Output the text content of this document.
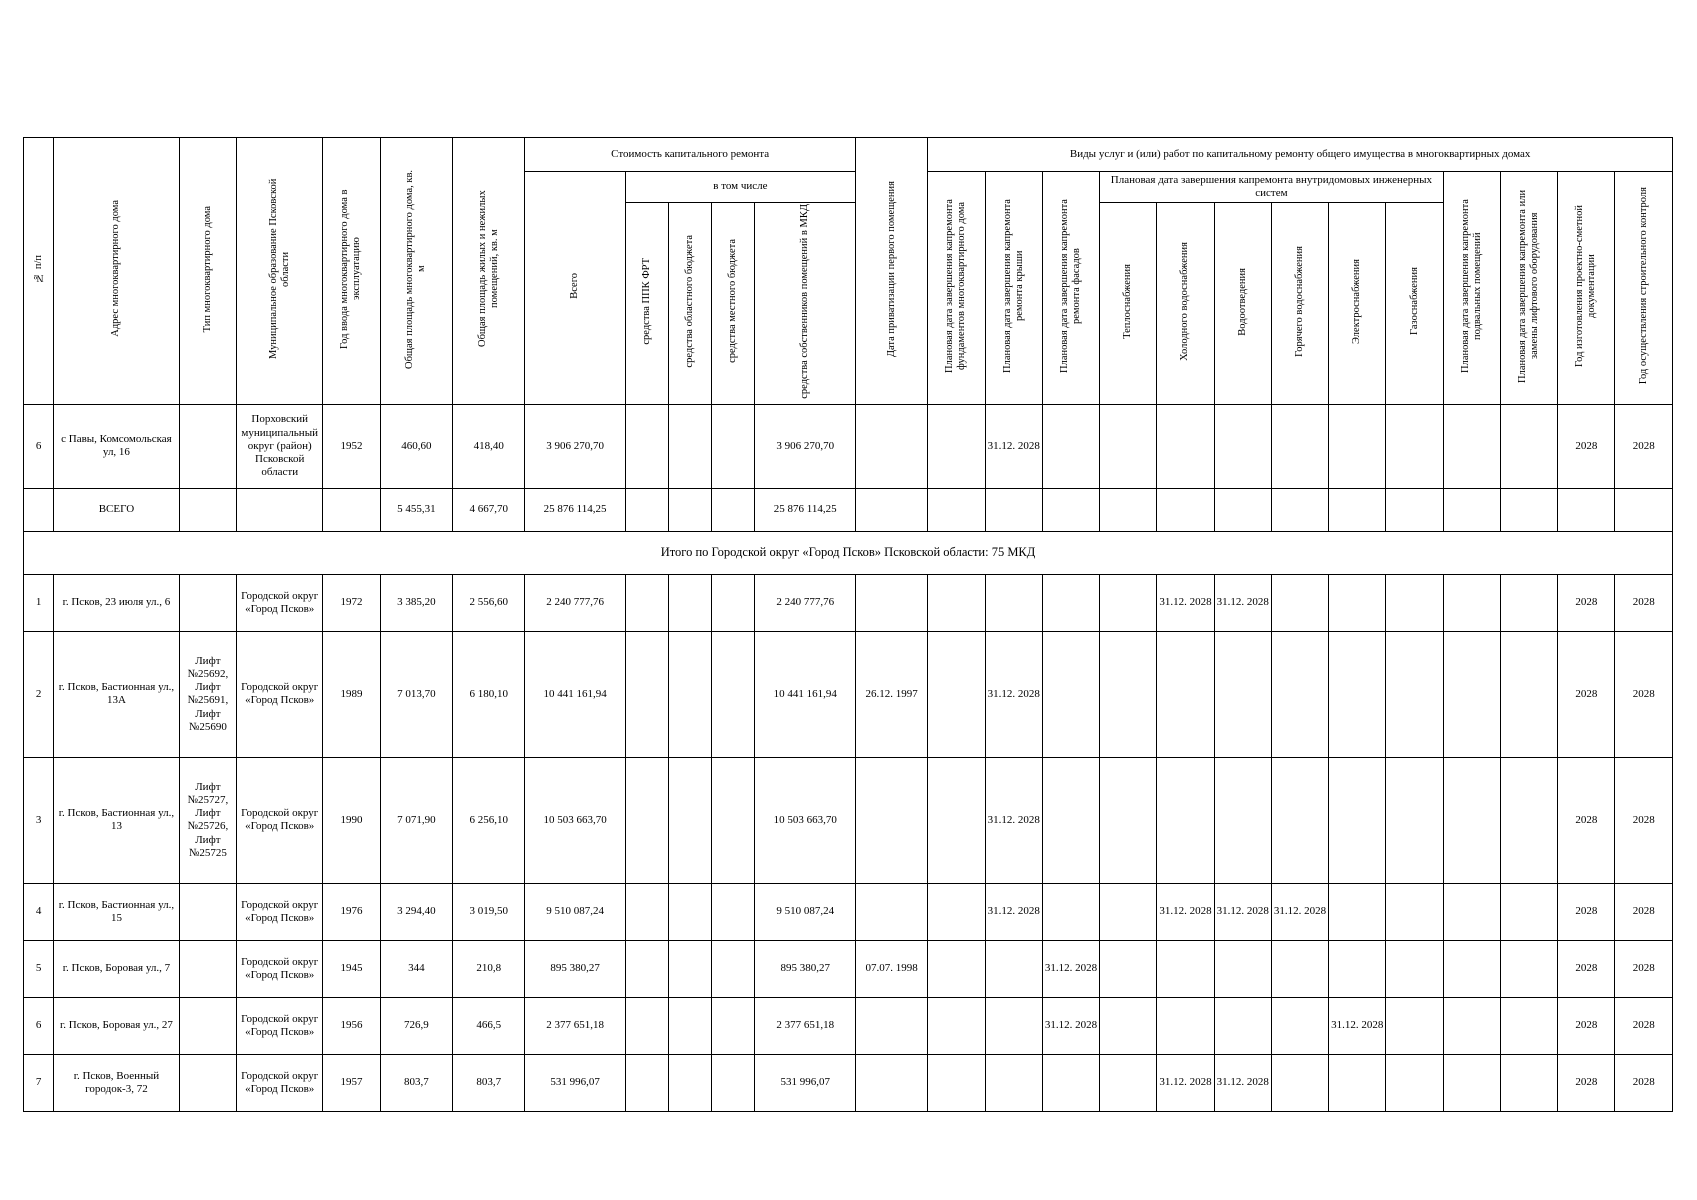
№ п/п	Адрес многоквартирного дома	Тип многоквартирного дома	Муниципальное образование Псковской области	Год ввода многоквартирного дома в эксплуатацию	Общая площадь многоквартирного дома, кв. м	Общая площадь жилых и нежилых помещений, кв. м	Стоимость капитального ремонта					Дата приватизации первого помещения	Виды услуг и (или) работ по капитальному ремонту общего имущества в многоквартирных домах												
							Всего	в том числе					Плановая дата завершения капремонта фундаментов многоквартирного дома	Плановая дата завершения капремонта ремонта крыши	Плановая дата завершения капремонта ремонта фасадов	Плановая дата завершения капремонта внутридомовых инженерных систем						Плановая дата завершения капремонта подвальных помещений	Плановая дата завершения капремонта или замены лифтового оборудования	Год изготовления проектно-сметной документации	Год осуществления строительного контроля
								средства ППК ФРТ	средства областного бюджета	средства местного бюджета	средства собственников помещений в МКД					Теплоснабжения	Холодного водоснабжения	Водоотведения	Горячего водоснабжения	Электроснабжения	Газоснабжения				
6	с Павы, Комсомольская ул, 16		Порховский муниципальный округ (район) Псковской области	1952	460,60	418,40	3 906 270,70				3 906 270,70			31.12. 2028										2028	2028
	ВСЕГО				5 455,31	4 667,70	25 876 114,25				25 876 114,25														
Итого по Городской округ «Город Псков» Псковской области: 75 МКД																									
1	г. Псков, 23 июля ул., 6		Городской округ «Город Псков»	1972	3 385,20	2 556,60	2 240 777,76				2 240 777,76						31.12. 2028	31.12. 2028						2028	2028
2	г. Псков, Бастионная ул., 13А	Лифт №25692, Лифт №25691, Лифт №25690	Городской округ «Город Псков»	1989	7 013,70	6 180,10	10 441 161,94				10 441 161,94	26.12. 1997		31.12. 2028										2028	2028
3	г. Псков, Бастионная ул., 13	Лифт №25727, Лифт №25726, Лифт №25725	Городской округ «Город Псков»	1990	7 071,90	6 256,10	10 503 663,70				10 503 663,70			31.12. 2028										2028	2028
4	г. Псков, Бастионная ул., 15		Городской округ «Город Псков»	1976	3 294,40	3 019,50	9 510 087,24				9 510 087,24			31.12. 2028			31.12. 2028	31.12. 2028	31.12. 2028					2028	2028
5	г. Псков, Боровая ул., 7		Городской округ «Город Псков»	1945	344	210,8	895 380,27				895 380,27	07.07. 1998			31.12. 2028									2028	2028
6	г. Псков, Боровая ул., 27		Городской округ «Город Псков»	1956	726,9	466,5	2 377 651,18				2 377 651,18				31.12. 2028					31.12. 2028				2028	2028
7	г. Псков, Военный городок-3, 72		Городской округ «Город Псков»	1957	803,7	803,7	531 996,07				531 996,07						31.12. 2028	31.12. 2028						2028	2028
